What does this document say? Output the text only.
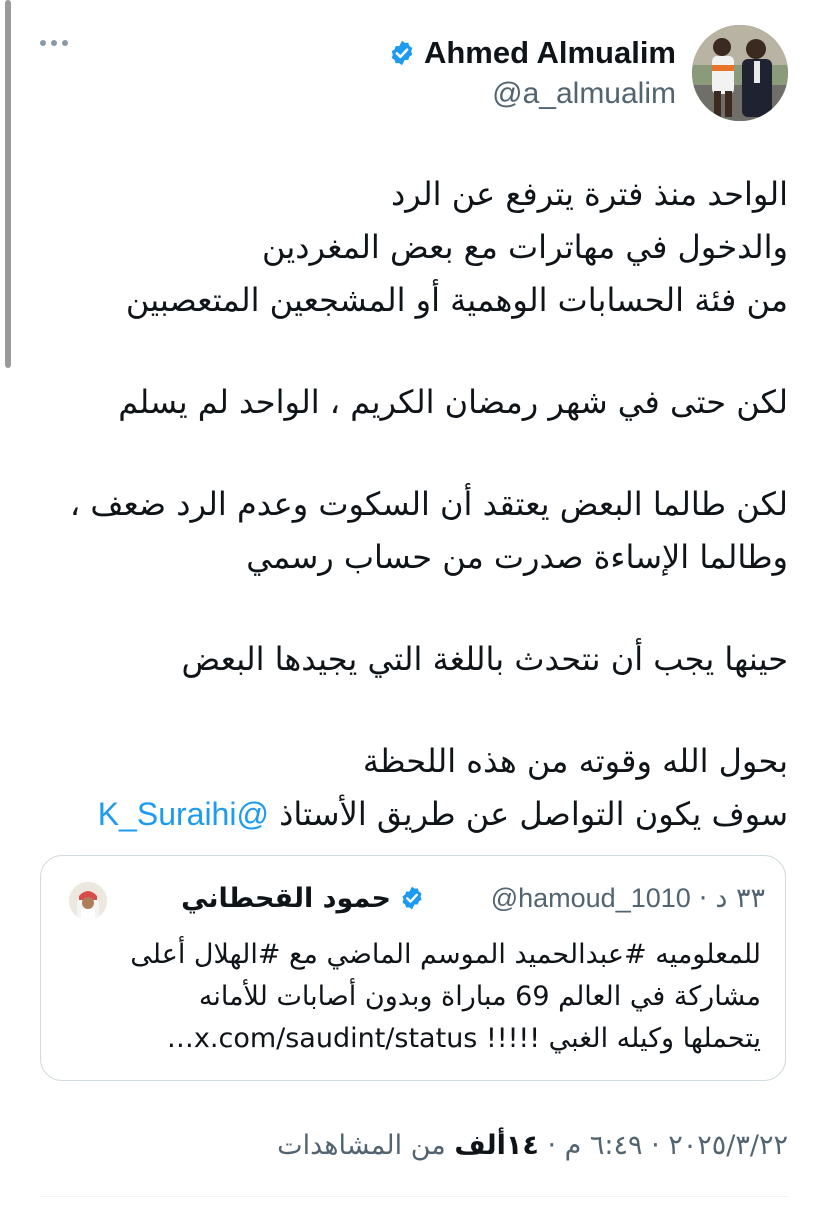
Ahmed Almualim
@a_almualim
الواحد منذ فترة يترفع عن الرد
والدخول في مهاترات مع بعض المغردين
من فئة الحسابات الوهمية أو المشجعين المتعصبين
لكن حتى في شهر رمضان الكريم ، الواحد لم يسلم
لكن طالما البعض يعتقد أن السكوت وعدم الرد ضعف ،
وطالما الإساءة صدرت من حساب رسمي
حينها يجب أن نتحدث باللغة التي يجيدها البعض
بحول الله وقوته من هذه اللحظة
سوف يكون التواصل عن طريق الأستاذ @K_Suraihi
@hamoud_1010 · ٣٣ د
حمود القحطاني
للمعلوميه #عبدالحميد الموسم الماضي مع #الهلال أعلى
مشاركة في العالم 69 مباراة وبدون أصابات للأمانه
يتحملها وكيله الغبي !!!!! x.com/saudint/status…
٢٠٢٥/٣/٢٢ · ٦:٤٩ م · ١٤ألف من المشاهدات
